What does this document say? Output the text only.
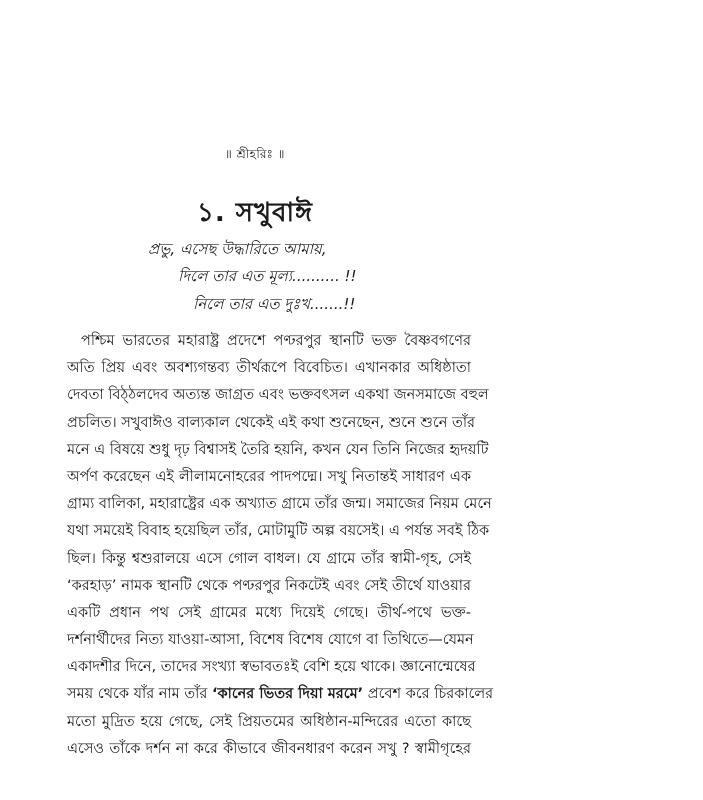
॥ শ্রীহরিঃ ॥
১. সখুবাঈ
প্রভু, এসেছ উদ্ধারিতে আমায়,
দিলে তার এত মূল্য.......... !!
নিলে তার এত দুঃখ.......!!
পশ্চিম ভারতের মহারাষ্ট্র প্রদেশে পণ্ঢরপুর স্থানটি ভক্ত বৈষ্ণবগণের
অতি প্রিয় এবং অবশ্যগন্তব্য তীর্থরূপে বিবেচিত। এখানকার অধিষ্ঠাতা
দেবতা বিঠ্‌ঠলদেব অত্যন্ত জাগ্রত এবং ভক্তবৎসল একথা জনসমাজে বহুল
প্রচলিত। সখুবাঈও বাল্যকাল থেকেই এই কথা শুনেছেন, শুনে শুনে তাঁর
মনে এ বিষয়ে শুধু দৃঢ় বিশ্বাসই তৈরি হয়নি, কখন যেন তিনি নিজের হৃদয়টি
অর্পণ করেছেন এই লীলামনোহরের পাদপদ্মে। সখু নিতান্তই সাধারণ এক
গ্রাম্য বালিকা, মহারাষ্ট্রের এক অখ্যাত গ্রামে তাঁর জন্ম। সমাজের নিয়ম মেনে
যথা সময়েই বিবাহ হয়েছিল তাঁর, মোটামুটি অল্প বয়সেই। এ পর্যন্ত সবই ঠিক
ছিল। কিন্তু শ্বশুরালয়ে এসে গোল বাধল। যে গ্রামে তাঁর স্বামী-গৃহ, সেই
‘করহাড়’ নামক স্থানটি থেকে পণ্ঢরপুর নিকটেই এবং সেই তীর্থে যাওয়ার
একটি প্রধান পথ সেই গ্রামের মধ্যে দিয়েই গেছে। তীর্থ-পথে ভক্ত-
দর্শনার্থীদের নিত্য যাওয়া-আসা, বিশেষ বিশেষ যোগে বা তিথিতে—যেমন
একাদশীর দিনে, তাদের সংখ্যা স্বভাবতঃই বেশি হয়ে থাকে। জ্ঞানোন্মেষের
সময় থেকে যাঁর নাম তাঁর ‘কানের ভিতর দিয়া মরমে’ প্রবেশ করে চিরকালের
মতো মুদ্রিত হয়ে গেছে, সেই প্রিয়তমের অধিষ্ঠান-মন্দিরের এতো কাছে
এসেও তাঁকে দর্শন না করে কীভাবে জীবনধারণ করেন সখু ? স্বামীগৃহের
